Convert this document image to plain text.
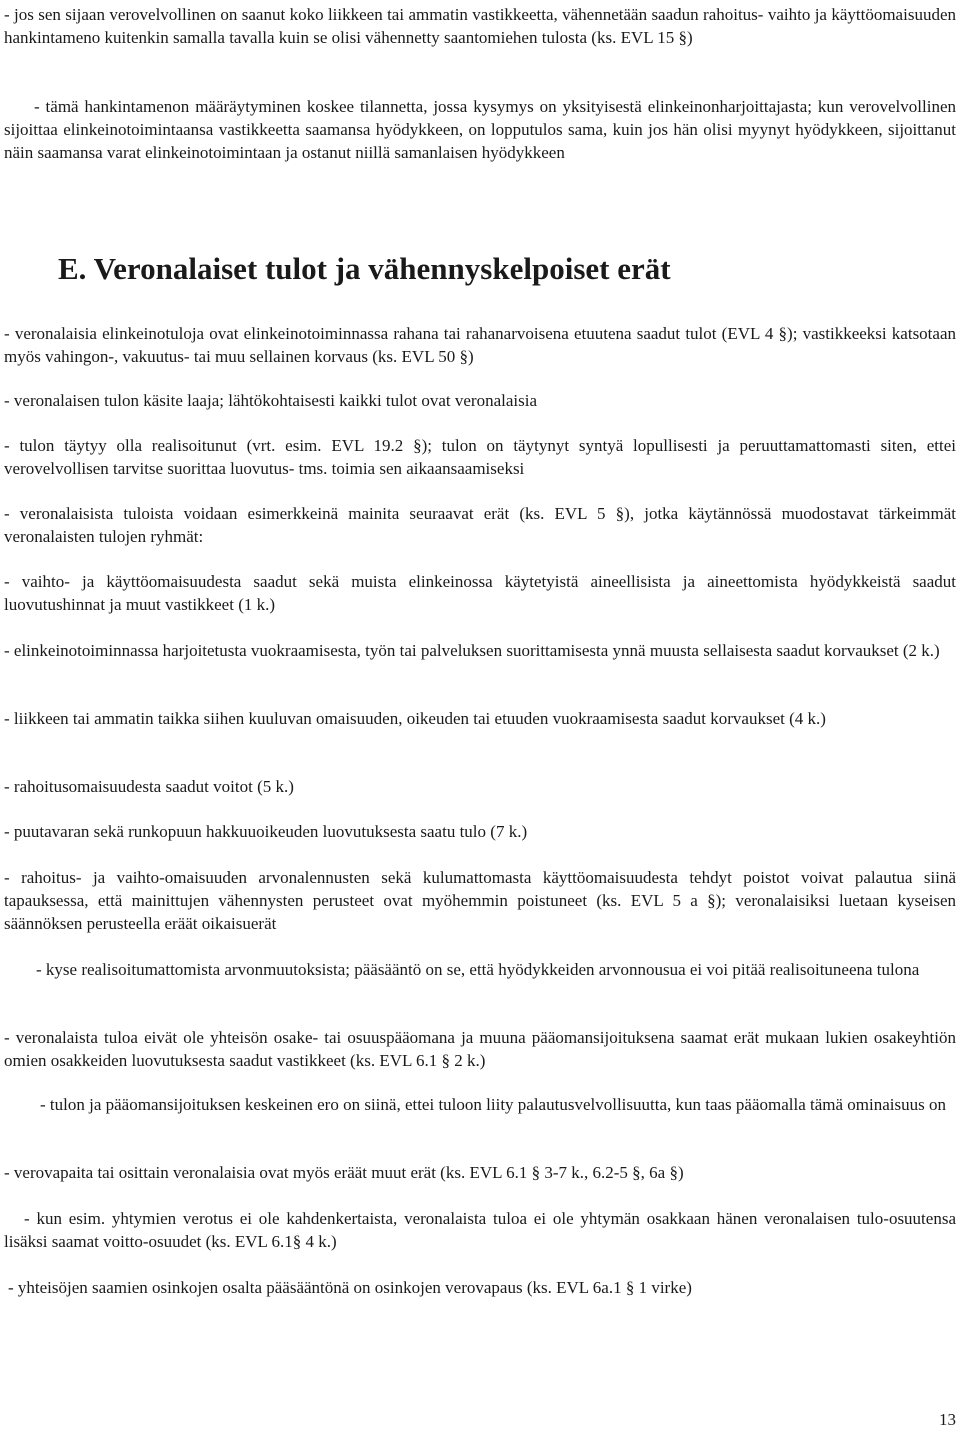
- jos sen sijaan verovelvollinen on saanut koko liikkeen tai ammatin vastikkeetta, vähennetään saadun rahoitus- vaihto ja käyttöomaisuuden hankintameno kuitenkin samalla tavalla kuin se olisi vähennetty saantomiehen tulosta (ks. EVL 15 §)

- tämä hankintamenon määräytyminen koskee tilannetta, jossa kysymys on yksityisestä elinkeinonharjoittajasta; kun verovelvollinen sijoittaa elinkeinotoimintaansa vastikkeetta saamansa hyödykkeen, on lopputulos sama, kuin jos hän olisi myynyt hyödykkeen, sijoittanut näin saamansa varat elinkeinotoimintaan ja ostanut niillä samanlaisen hyödykkeen

E. Veronalaiset tulot ja vähennyskelpoiset erät

- veronalaisia elinkeinotuloja ovat elinkeinotoiminnassa rahana tai rahanarvoisena etuutena saadut tulot (EVL 4 §); vastikkeeksi katsotaan myös vahingon-, vakuutus- tai muu sellainen korvaus (ks. EVL 50 §)

- veronalaisen tulon käsite laaja; lähtökohtaisesti kaikki tulot ovat veronalaisia

- tulon täytyy olla realisoitunut (vrt. esim. EVL 19.2 §); tulon on täytynyt syntyä lopullisesti ja peruuttamattomasti siten, ettei verovelvollisen tarvitse suorittaa luovutus- tms. toimia sen aikaansaamiseksi

- veronalaisista tuloista voidaan esimerkkeinä mainita seuraavat erät (ks. EVL 5 §), jotka käytännössä muodostavat tärkeimmät veronalaisten tulojen ryhmät:

- vaihto- ja käyttöomaisuudesta saadut sekä muista elinkeinossa käytetyistä aineellisista ja aineettomista hyödykkeistä saadut luovutushinnat ja muut vastikkeet (1 k.)

- elinkeinotoiminnassa harjoitetusta vuokraamisesta, työn tai palveluksen suorittamisesta ynnä muusta sellaisesta saadut korvaukset (2 k.)

- liikkeen tai ammatin taikka siihen kuuluvan omaisuuden, oikeuden tai etuuden vuokraamisesta saadut korvaukset (4 k.)

- rahoitusomaisuudesta saadut voitot (5 k.)

- puutavaran sekä runkopuun hakkuuoikeuden luovutuksesta saatu tulo (7 k.)

- rahoitus- ja vaihto-omaisuuden arvonalennusten sekä kulumattomasta käyttöomaisuudesta tehdyt poistot voivat palautua siinä tapauksessa, että mainittujen vähennysten perusteet ovat myöhemmin poistuneet (ks. EVL 5 a §); veronalaisiksi luetaan kyseisen säännöksen perusteella eräät oikaisuerät

- kyse realisoitumattomista arvonmuutoksista; pääsääntö on se, että hyödykkeiden arvonnousua ei voi pitää realisoituneena tulona

- veronalaista tuloa eivät ole yhteisön osake- tai osuuspääomana ja muuna pääomansijoituksena saamat erät mukaan lukien osakeyhtiön omien osakkeiden luovutuksesta saadut vastikkeet (ks. EVL 6.1 § 2 k.)

- tulon ja pääomansijoituksen keskeinen ero on siinä, ettei tuloon liity palautusvelvollisuutta, kun taas pääomalla tämä ominaisuus on

- verovapaita tai osittain veronalaisia ovat myös eräät muut erät (ks. EVL 6.1 § 3-7 k., 6.2-5 §, 6a §)

- kun esim. yhtymien verotus ei ole kahdenkertaista, veronalaista tuloa ei ole yhtymän osakkaan hänen veronalaisen tulo-osuutensa lisäksi saamat voitto-osuudet (ks. EVL 6.1§ 4 k.)

- yhteisöjen saamien osinkojen osalta pääsääntönä on osinkojen verovapaus (ks. EVL 6a.1 § 1 virke)

13
